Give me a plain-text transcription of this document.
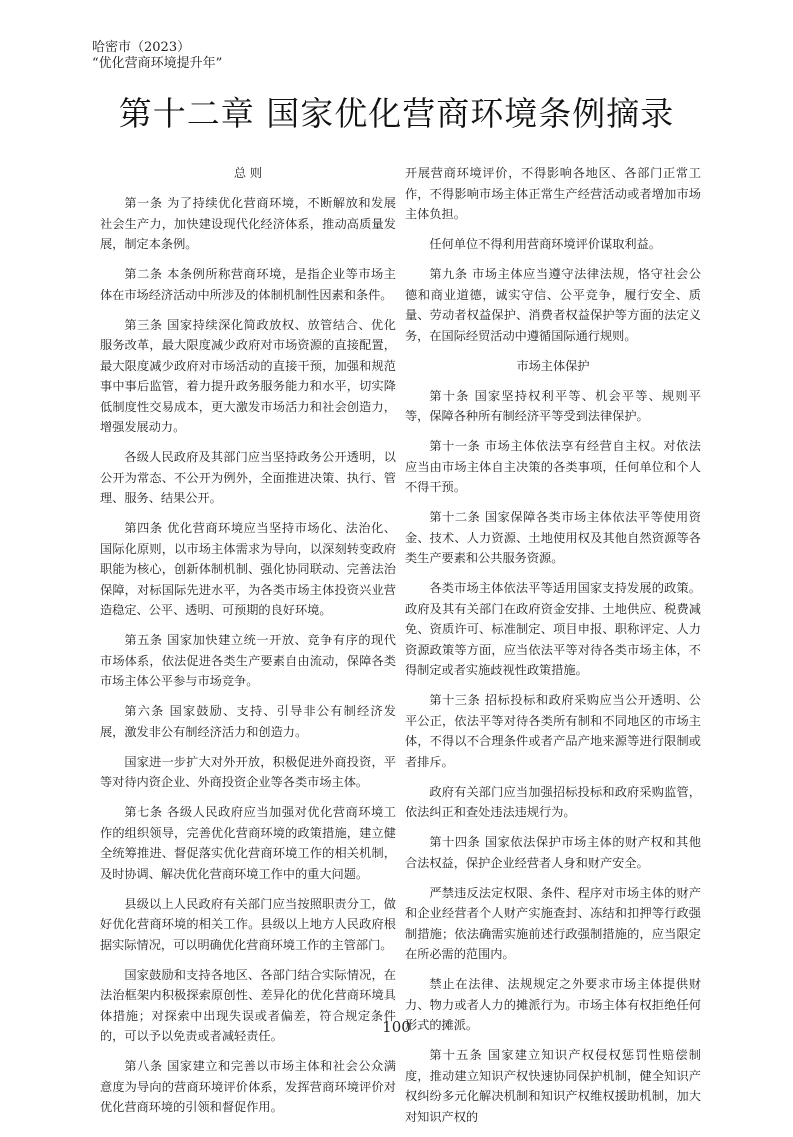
哈密市（2023）
“优化营商环境提升年”
第十二章 国家优化营商环境条例摘录
总 则

第一条 为了持续优化营商环境，不断解放和发展社会生产力，加快建设现代化经济体系，推动高质量发展，制定本条例。

第二条 本条例所称营商环境，是指企业等市场主体在市场经济活动中所涉及的体制机制性因素和条件。

第三条 国家持续深化简政放权、放管结合、优化服务改革，最大限度减少政府对市场资源的直接配置，最大限度减少政府对市场活动的直接干预，加强和规范事中事后监管，着力提升政务服务能力和水平，切实降低制度性交易成本，更大激发市场活力和社会创造力，增强发展动力。

各级人民政府及其部门应当坚持政务公开透明，以公开为常态、不公开为例外，全面推进决策、执行、管理、服务、结果公开。

第四条 优化营商环境应当坚持市场化、法治化、国际化原则，以市场主体需求为导向，以深刻转变政府职能为核心，创新体制机制、强化协同联动、完善法治保障，对标国际先进水平，为各类市场主体投资兴业营造稳定、公平、透明、可预期的良好环境。

第五条 国家加快建立统一开放、竞争有序的现代市场体系，依法促进各类生产要素自由流动，保障各类市场主体公平参与市场竞争。

第六条 国家鼓励、支持、引导非公有制经济发展，激发非公有制经济活力和创造力。

国家进一步扩大对外开放，积极促进外商投资，平等对待内资企业、外商投资企业等各类市场主体。

第七条 各级人民政府应当加强对优化营商环境工作的组织领导，完善优化营商环境的政策措施，建立健全统筹推进、督促落实优化营商环境工作的相关机制，及时协调、解决优化营商环境工作中的重大问题。

县级以上人民政府有关部门应当按照职责分工，做好优化营商环境的相关工作。县级以上地方人民政府根据实际情况，可以明确优化营商环境工作的主管部门。

国家鼓励和支持各地区、各部门结合实际情况，在法治框架内积极探索原创性、差异化的优化营商环境具体措施；对探索中出现失误或者偏差，符合规定条件的，可以予以免责或者减轻责任。

第八条 国家建立和完善以市场主体和社会公众满意度为导向的营商环境评价体系，发挥营商环境评价对优化营商环境的引领和督促作用。

开展营商环境评价，不得影响各地区、各部门正常工作，不得影响市场主体正常生产经营活动或者增加市场主体负担。

任何单位不得利用营商环境评价谋取利益。

第九条 市场主体应当遵守法律法规，恪守社会公德和商业道德，诚实守信、公平竞争，履行安全、质量、劳动者权益保护、消费者权益保护等方面的法定义务，在国际经贸活动中遵循国际通行规则。

市场主体保护

第十条 国家坚持权利平等、机会平等、规则平等，保障各种所有制经济平等受到法律保护。

第十一条 市场主体依法享有经营自主权。对依法应当由市场主体自主决策的各类事项，任何单位和个人不得干预。

第十二条 国家保障各类市场主体依法平等使用资金、技术、人力资源、土地使用权及其他自然资源等各类生产要素和公共服务资源。

各类市场主体依法平等适用国家支持发展的政策。政府及其有关部门在政府资金安排、土地供应、税费减免、资质许可、标准制定、项目申报、职称评定、人力资源政策等方面，应当依法平等对待各类市场主体，不得制定或者实施歧视性政策措施。

第十三条 招标投标和政府采购应当公开透明、公平公正，依法平等对待各类所有制和不同地区的市场主体，不得以不合理条件或者产品产地来源等进行限制或者排斥。

政府有关部门应当加强招标投标和政府采购监管，依法纠正和查处违法违规行为。

第十四条 国家依法保护市场主体的财产权和其他合法权益，保护企业经营者人身和财产安全。

严禁违反法定权限、条件、程序对市场主体的财产和企业经营者个人财产实施查封、冻结和扣押等行政强制措施；依法确需实施前述行政强制措施的，应当限定在所必需的范围内。

禁止在法律、法规规定之外要求市场主体提供财力、物力或者人力的摊派行为。市场主体有权拒绝任何形式的摊派。

第十五条 国家建立知识产权侵权惩罚性赔偿制度，推动建立知识产权快速协同保护机制，健全知识产权纠纷多元化解决机制和知识产权维权援助机制，加大对知识产权的

100
